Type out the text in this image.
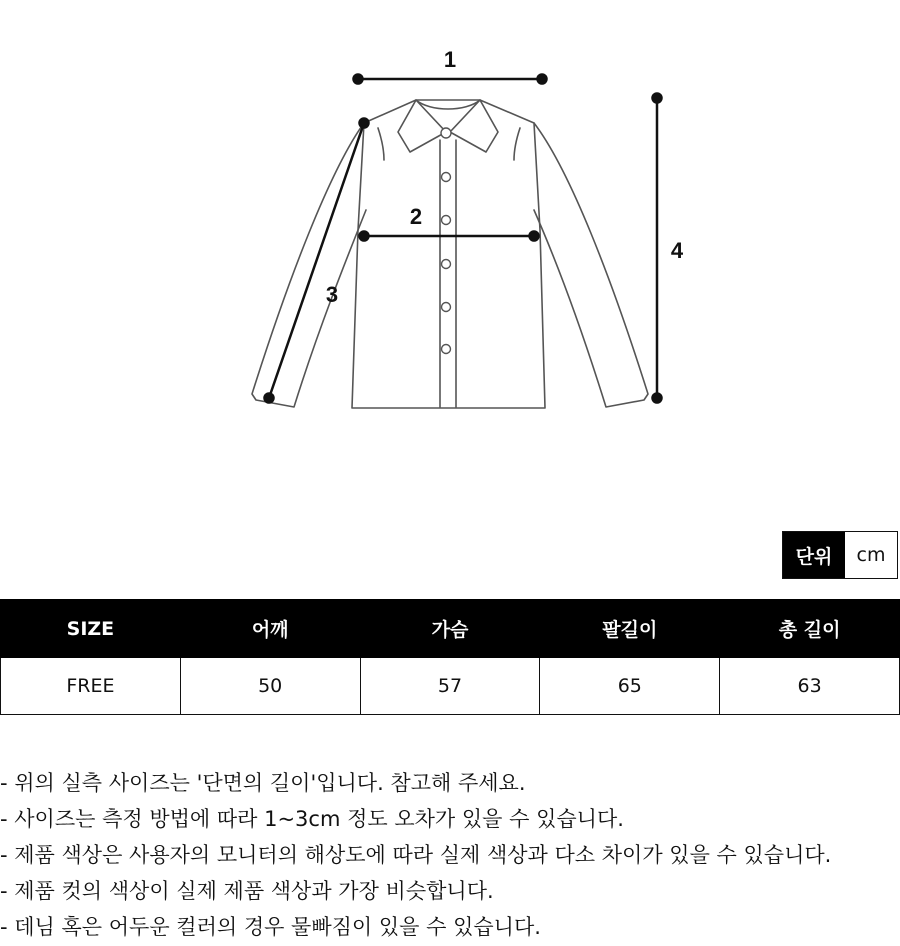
1
2
3
4
단위	cm
SIZE	어깨	가슴	팔길이	총 길이
FREE	50	57	65	63
- 위의 실측 사이즈는 '단면의 길이'입니다. 참고해 주세요.
- 사이즈는 측정 방법에 따라 1~3cm 정도 오차가 있을 수 있습니다.
- 제품 색상은 사용자의 모니터의 해상도에 따라 실제 색상과 다소 차이가 있을 수 있습니다.
- 제품 컷의 색상이 실제 제품 색상과 가장 비슷합니다.
- 데님 혹은 어두운 컬러의 경우 물빠짐이 있을 수 있습니다.
